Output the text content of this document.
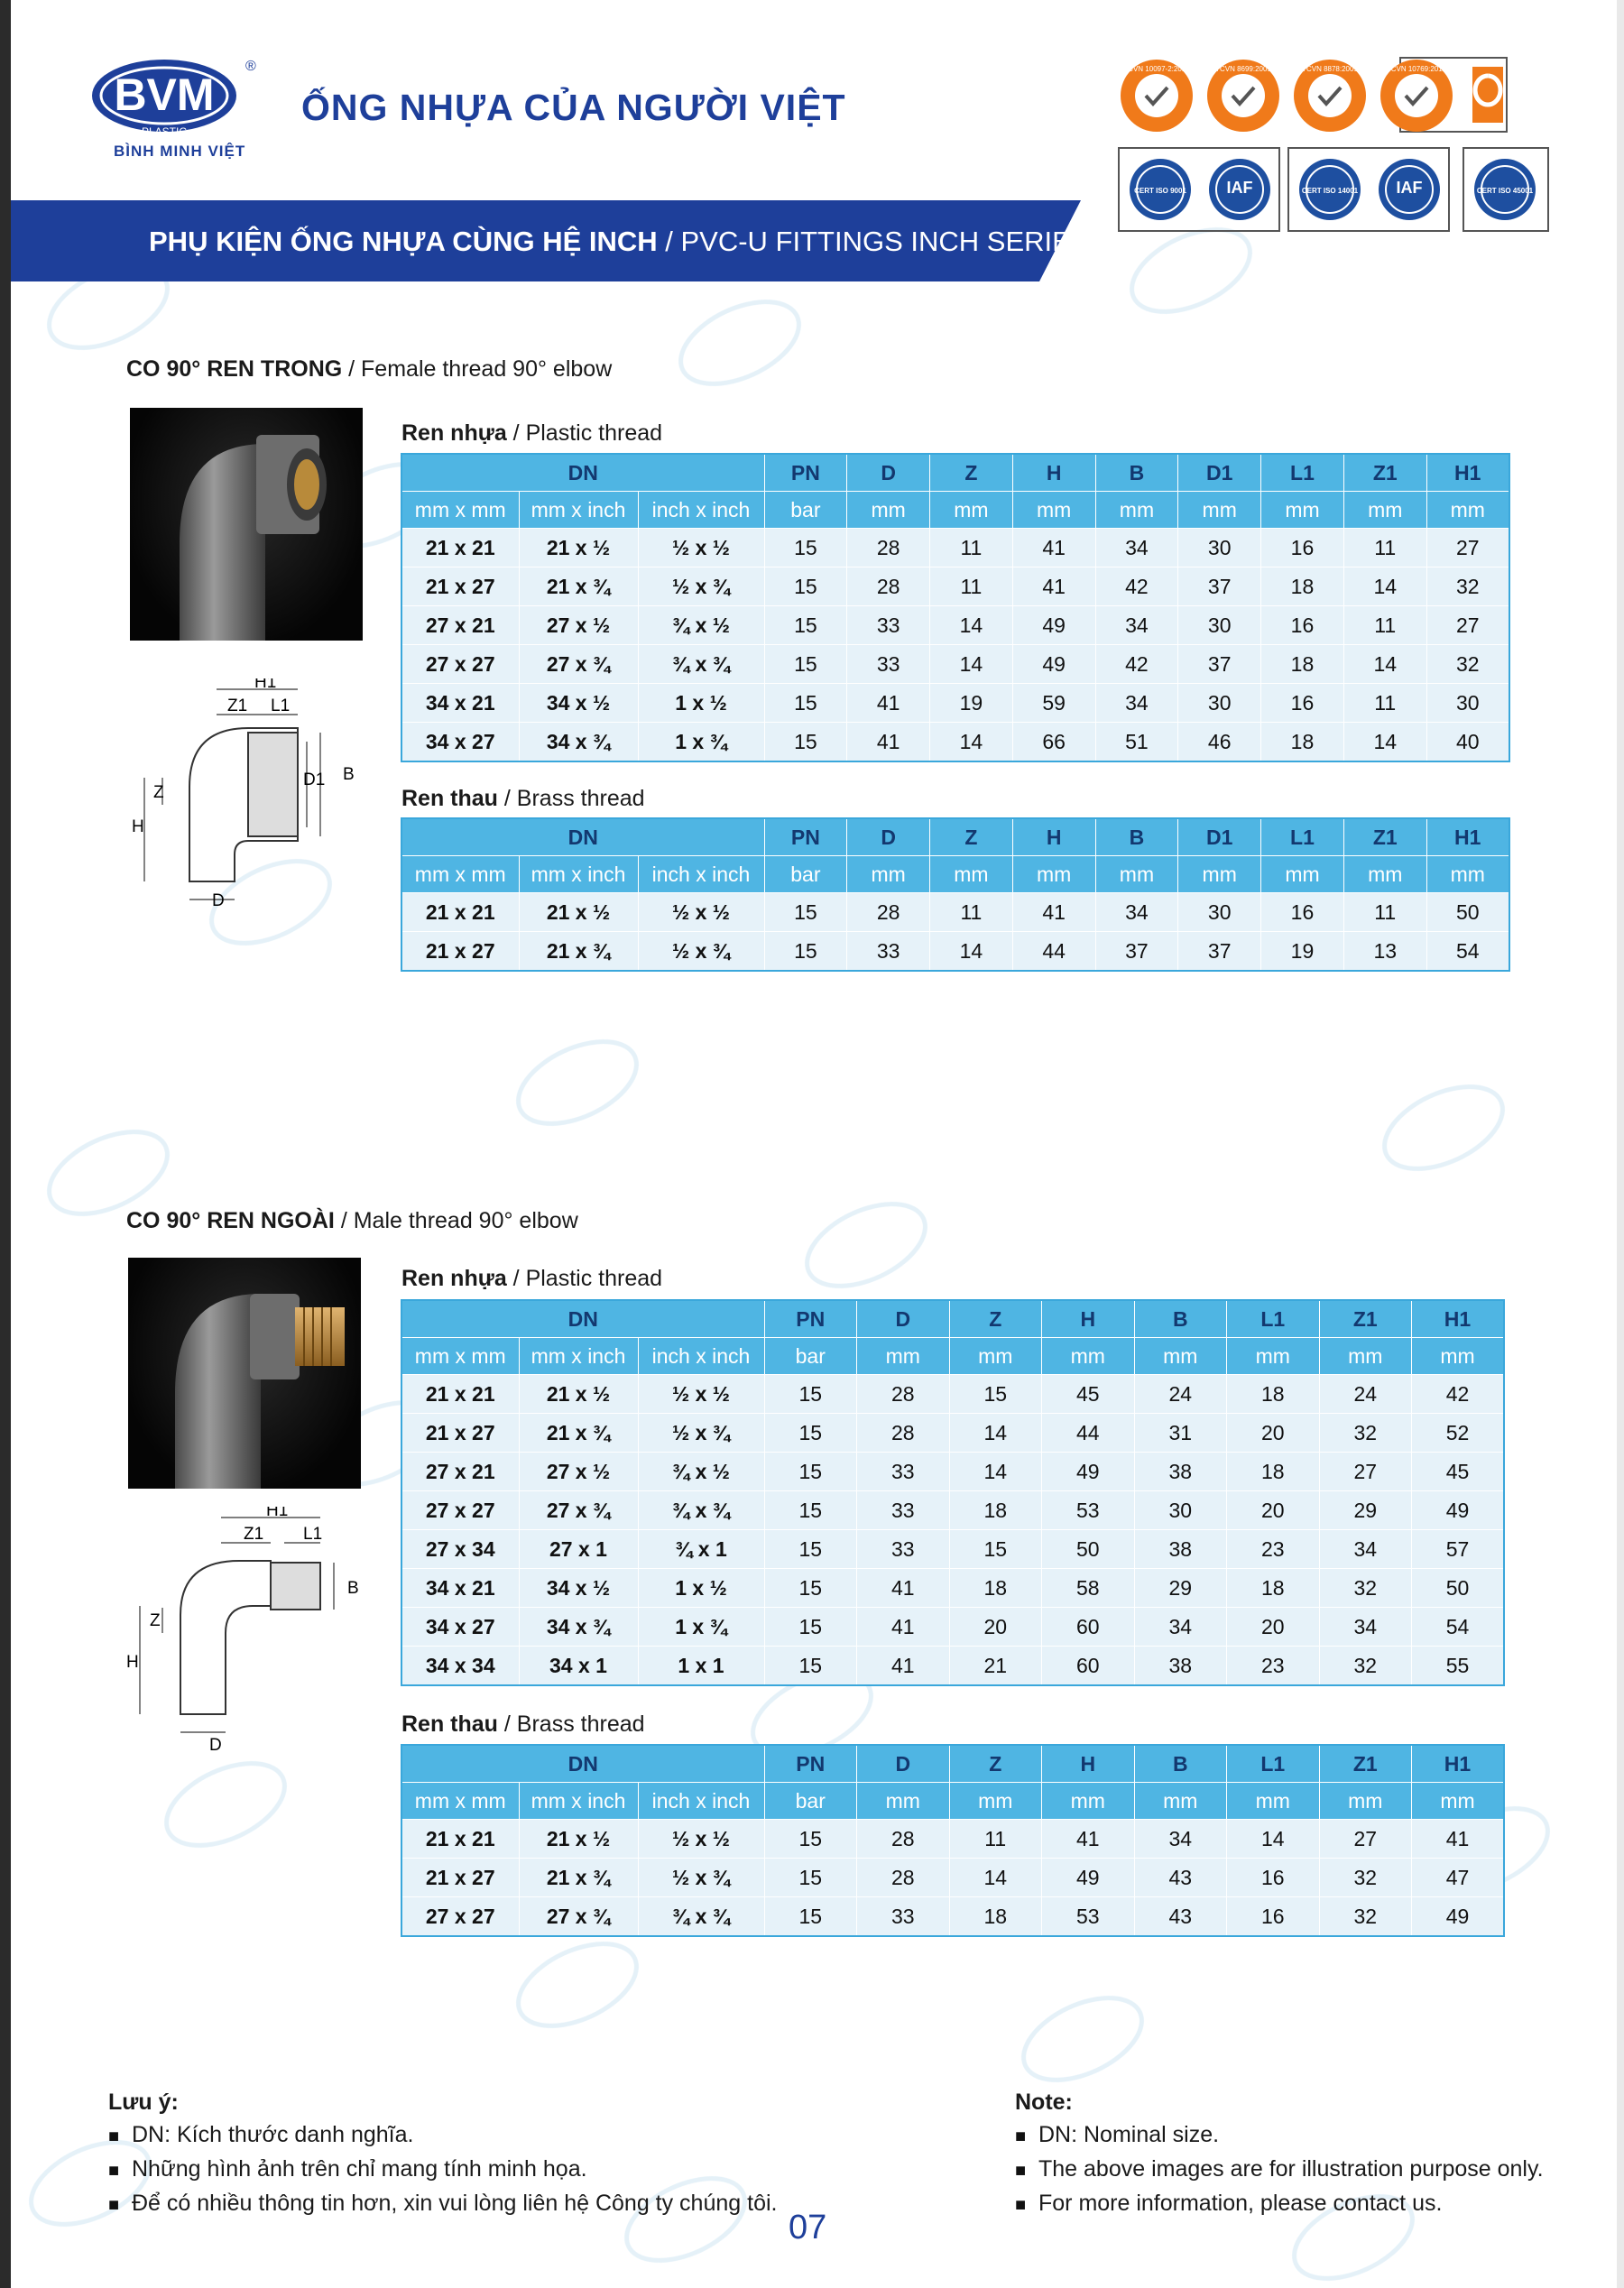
BVM
PLASTIC
®
BÌNH MINH VIỆT
ỐNG NHỰA CỦA NGƯỜI VIỆT
PHỤ KIỆN ỐNG NHỰA CÙNG HỆ INCH / PVC-U FITTINGS INCH SERIES
TCVN 10097-2:2013	TCVN 8699:2009	TCVN 8878:2009	TCVN 10769:2015
CERT ISO 9001 IAF	CERT ISO 14001 IAF	CERT ISO 45001
CO 90° REN TRONG / Female thread 90° elbow
H1
L1
Z1
D1 B
Z
H
D
Ren nhựa / Plastic thread
DN			PN	D	Z	H	B	D1	L1	Z1	H1
mm x mm	mm x inch	inch x inch	bar	mm	mm	mm	mm	mm	mm	mm	mm
21 x 21	21 x ½	½ x ½	15	28	11	41	34	30	16	11	27
21 x 27	21 x ¾	½ x ¾	15	28	11	41	42	37	18	14	32
27 x 21	27 x ½	¾ x ½	15	33	14	49	34	30	16	11	27
27 x 27	27 x ¾	¾ x ¾	15	33	14	49	42	37	18	14	32
34 x 21	34 x ½	1 x ½	15	41	19	59	34	30	16	11	30
34 x 27	34 x ¾	1 x ¾	15	41	14	66	51	46	18	14	40
Ren thau / Brass thread
DN			PN	D	Z	H	B	D1	L1	Z1	H1
mm x mm	mm x inch	inch x inch	bar	mm	mm	mm	mm	mm	mm	mm	mm
21 x 21	21 x ½	½ x ½	15	28	11	41	34	30	16	11	50
21 x 27	21 x ¾	½ x ¾	15	33	14	44	37	37	19	13	54
CO 90° REN NGOÀI / Male thread 90° elbow
H1
Z1 L1
B
Z
H
D
Ren nhựa / Plastic thread
DN			PN	D	Z	H	B	L1	Z1	H1
mm x mm	mm x inch	inch x inch	bar	mm	mm	mm	mm	mm	mm	mm
21 x 21	21 x ½	½ x ½	15	28	15	45	24	18	24	42
21 x 27	21 x ¾	½ x ¾	15	28	14	44	31	20	32	52
27 x 21	27 x ½	¾ x ½	15	33	14	49	38	18	27	45
27 x 27	27 x ¾	¾ x ¾	15	33	18	53	30	20	29	49
27 x 34	27 x 1	¾ x 1	15	33	15	50	38	23	34	57
34 x 21	34 x ½	1 x ½	15	41	18	58	29	18	32	50
34 x 27	34 x ¾	1 x ¾	15	41	20	60	34	20	34	54
34 x 34	34 x 1	1 x 1	15	41	21	60	38	23	32	55
Ren thau / Brass thread
DN			PN	D	Z	H	B	L1	Z1	H1
mm x mm	mm x inch	inch x inch	bar	mm	mm	mm	mm	mm	mm	mm
21 x 21	21 x ½	½ x ½	15	28	11	41	34	14	27	41
21 x 27	21 x ¾	½ x ¾	15	28	14	49	43	16	32	47
27 x 27	27 x ¾	¾ x ¾	15	33	18	53	43	16	32	49
Lưu ý:
■ DN: Kích thước danh nghĩa.
■ Những hình ảnh trên chỉ mang tính minh họa.
■ Để có nhiều thông tin hơn, xin vui lòng liên hệ Công ty chúng tôi.
Note:
■ DN: Nominal size.
■ The above images are for illustration purpose only.
■ For more information, please contact us.
07
